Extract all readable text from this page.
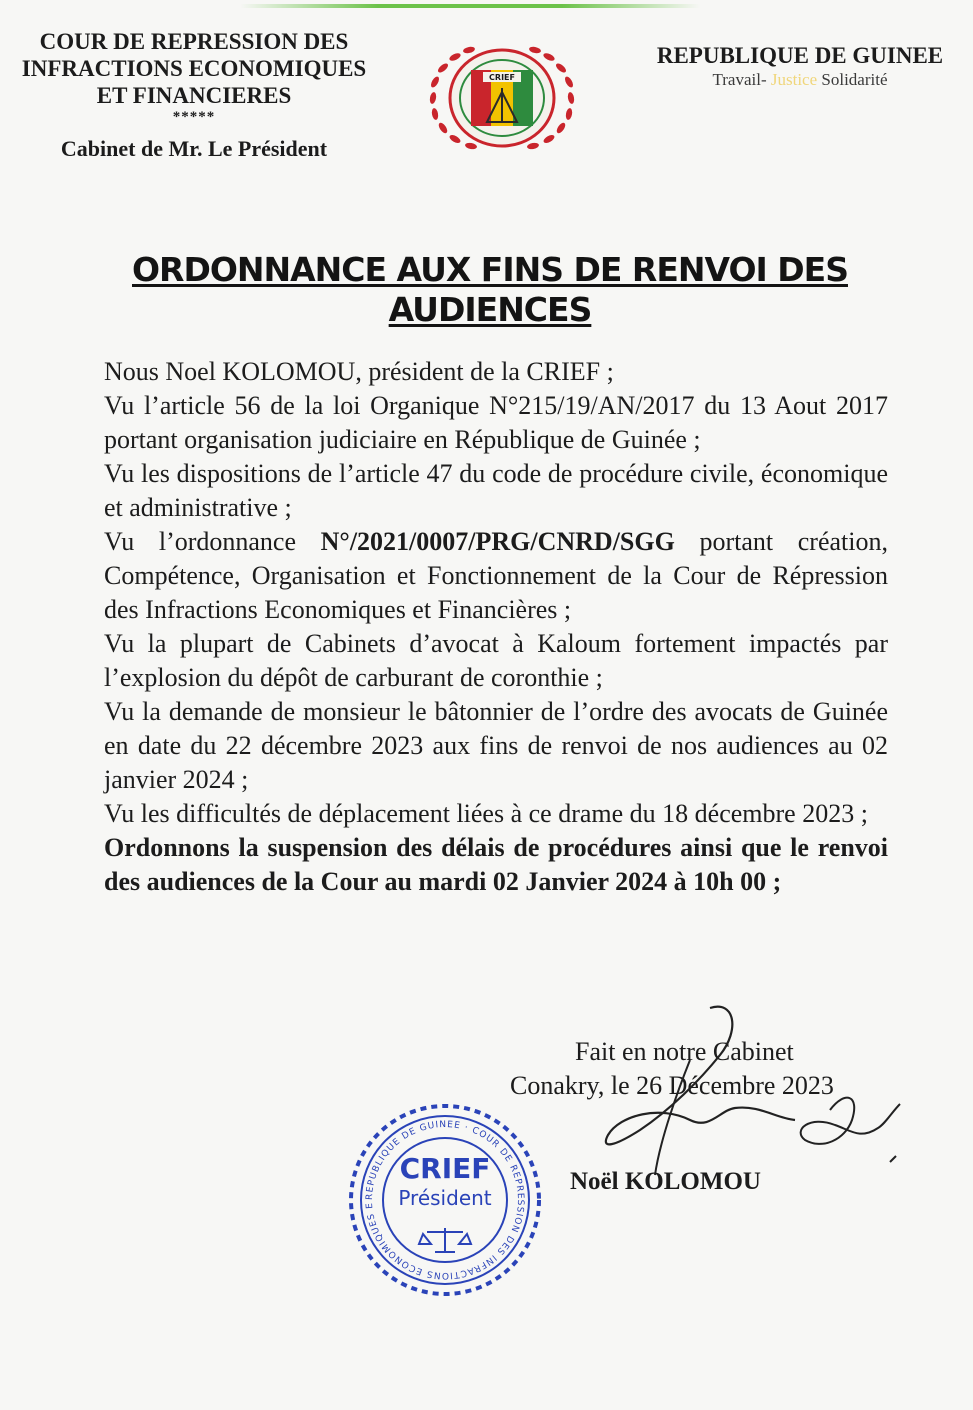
COUR DE REPRESSION DES
INFRACTIONS ECONOMIQUES
ET FINANCIERES
*****
Cabinet de Mr. Le Président
CRIEF
REPUBLIQUE DE GUINEE
Travail- Justice Solidarité
ORDONNANCE AUX FINS DE RENVOI DES
AUDIENCES

Nous Noel KOLOMOU, président de la CRIEF ;

Vu l’article 56 de la loi Organique N°215/19/AN/2017 du 13 Aout 2017 portant organisation judiciaire en République de Guinée ;

Vu les dispositions de l’article 47 du code de procédure civile, économique et administrative ;

Vu l’ordonnance N°/2021/0007/PRG/CNRD/SGG portant création, Compétence, Organisation et Fonctionnement de la Cour de Répression des Infractions Economiques et Financières ;

Vu la plupart de Cabinets d’avocat à Kaloum fortement impactés par l’explosion du dépôt de carburant de coronthie ;

Vu la demande de monsieur le bâtonnier de l’ordre des avocats de Guinée en date du 22 décembre 2023 aux fins de renvoi de nos audiences au 02 janvier 2024 ;

Vu les difficultés de déplacement liées à ce drame du 18 décembre 2023 ;

Ordonnons la suspension des délais de procédures ainsi que le renvoi des audiences de la Cour au mardi 02 Janvier 2024 à 10h 00 ;

Fait en notre Cabinet
Conakry, le 26 Décembre 2023
Noël KOLOMOU
REPUBLIQUE DE GUINEE · COUR DE REPRESSION DES INFRACTIONS ECONOMIQUES E
CRIEF
Président
